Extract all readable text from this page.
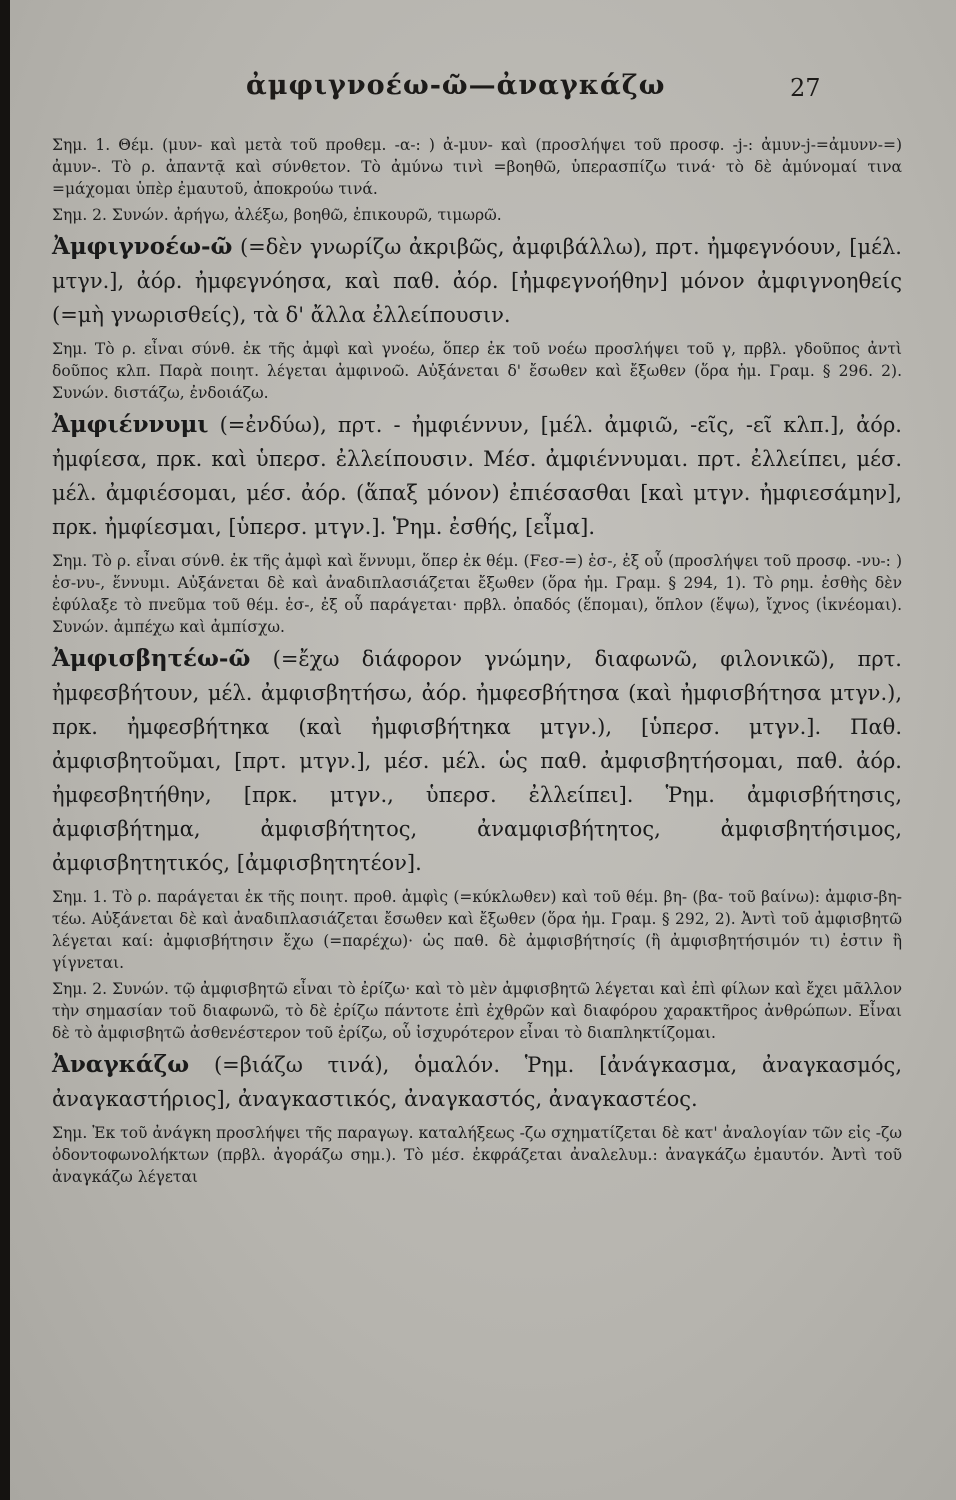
ἀμφιγνοέω-ῶ—ἀναγκάζω	27

Σημ. 1. Θέμ. (μυν- καὶ μετὰ τοῦ προθεμ. -α-: ) ἀ-μυν- καὶ (προσλήψει τοῦ προσφ. -j-: ἀμυν-j-=ἀμυνν-=) ἀμυν-. Τὸ ρ. ἀπαντᾷ καὶ σύνθετον. Τὸ ἀμύνω τινὶ =βοηθῶ, ὑπερασπίζω τινά· τὸ δὲ ἀμύνομαί τινα =μάχομαι ὑπὲρ ἐμαυτοῦ, ἀποκρούω τινά.

Σημ. 2. Συνών. ἀρήγω, ἀλέξω, βοηθῶ, ἐπικουρῶ, τιμωρῶ.

Ἀμφιγνοέω-ῶ (=δὲν γνωρίζω ἀκριβῶς, ἀμφιβάλλω), πρτ. ἠμφεγνόουν, [μέλ. μτγν.], ἀόρ. ἠμφεγνόησα, καὶ παθ. ἀόρ. [ἠμφεγνοήθην] μόνον ἀμφιγνοηθείς (=μὴ γνωρισθείς), τὰ δ' ἄλλα ἐλλείπουσιν.

Σημ. Τὸ ρ. εἶναι σύνθ. ἐκ τῆς ἀμφὶ καὶ γνοέω, ὅπερ ἐκ τοῦ νοέω προσλήψει τοῦ γ, πρβλ. γδοῦπος ἀντὶ δοῦπος κλπ. Παρὰ ποιητ. λέγεται ἀμφινοῶ. Αὐξάνεται δ' ἔσωθεν καὶ ἔξωθεν (ὅρα ἡμ. Γραμ. § 296. 2). Συνών. διστάζω, ἐνδοιάζω.

Ἀμφιέννυμι (=ἐνδύω), πρτ. - ἠμφιέννυν, [μέλ. ἀμφιῶ, -εῖς, -εῖ κλπ.], ἀόρ. ἠμφίεσα, πρκ. καὶ ὑπερσ. ἐλλείπουσιν. Μέσ. ἀμφιέννυμαι. πρτ. ἐλλείπει, μέσ. μέλ. ἀμφιέσομαι, μέσ. ἀόρ. (ἅπαξ μόνον) ἐπιέσασθαι [καὶ μτγν. ἠμφιεσάμην], πρκ. ἠμφίεσμαι, [ὑπερσ. μτγν.]. Ῥημ. ἐσθής, [εἶμα].

Σημ. Τὸ ρ. εἶναι σύνθ. ἐκ τῆς ἀμφὶ καὶ ἕννυμι, ὅπερ ἐκ θέμ. (Fεσ-=) ἑσ-, ἐξ οὗ (προσλήψει τοῦ προσφ. -νυ-: ) ἑσ-νυ-, ἕννυμι. Αὐξάνεται δὲ καὶ ἀναδιπλασιάζεται ἔξωθεν (ὅρα ἡμ. Γραμ. § 294, 1). Τὸ ρημ. ἐσθὴς δὲν ἐφύλαξε τὸ πνεῦμα τοῦ θέμ. ἑσ-, ἐξ οὗ παράγεται· πρβλ. ὀπαδός (ἕπομαι), ὅπλον (ἕψω), ἴχνος (ἱκνέομαι). Συνών. ἀμπέχω καὶ ἀμπίσχω.

Ἀμφισβητέω-ῶ (=ἔχω διάφορον γνώμην, διαφωνῶ, φιλονικῶ), πρτ. ἠμφεσβήτουν, μέλ. ἀμφισβητήσω, ἀόρ. ἠμφεσβήτησα (καὶ ἠμφισβήτησα μτγν.), πρκ. ἠμφεσβήτηκα (καὶ ἠμφισβήτηκα μτγν.), [ὑπερσ. μτγν.]. Παθ. ἀμφισβητοῦμαι, [πρτ. μτγν.], μέσ. μέλ. ὡς παθ. ἀμφισβητήσομαι, παθ. ἀόρ. ἠμφεσβητήθην, [πρκ. μτγν., ὑπερσ. ἐλλείπει]. Ῥημ. ἀμφισβήτησις, ἀμφισβήτημα, ἀμφισβήτητος, ἀναμφισβήτητος, ἀμφισβητήσιμος, ἀμφισβητητικός, [ἀμφισβητητέον].

Σημ. 1. Τὸ ρ. παράγεται ἐκ τῆς ποιητ. προθ. ἀμφὶς (=κύκλωθεν) καὶ τοῦ θέμ. βη- (βα- τοῦ βαίνω): ἀμφισ-βη-τέω. Αὐξάνεται δὲ καὶ ἀναδιπλασιάζεται ἔσωθεν καὶ ἔξωθεν (ὅρα ἡμ. Γραμ. § 292, 2). Ἀντὶ τοῦ ἀμφισβητῶ λέγεται καί: ἀμφισβήτησιν ἔχω (=παρέχω)· ὡς παθ. δὲ ἀμφισβήτησίς (ἢ ἀμφισβητήσιμόν τι) ἐστιν ἢ γίγνεται.

Σημ. 2. Συνών. τῷ ἀμφισβητῶ εἶναι τὸ ἐρίζω· καὶ τὸ μὲν ἀμφισβητῶ λέγεται καὶ ἐπὶ φίλων καὶ ἔχει μᾶλλον τὴν σημασίαν τοῦ διαφωνῶ, τὸ δὲ ἐρίζω πάντοτε ἐπὶ ἐχθρῶν καὶ διαφόρου χαρακτῆρος ἀνθρώπων. Εἶναι δὲ τὸ ἀμφισβητῶ ἀσθενέστερον τοῦ ἐρίζω, οὗ ἰσχυρότερον εἶναι τὸ διαπληκτίζομαι.

Ἀναγκάζω (=βιάζω τινά), ὁμαλόν. Ῥημ. [ἀνάγκασμα, ἀναγκασμός, ἀναγκαστήριος], ἀναγκαστικός, ἀναγκαστός, ἀναγκαστέος.

Σημ. Ἐκ τοῦ ἀνάγκη προσλήψει τῆς παραγωγ. καταλήξεως -ζω σχηματίζεται δὲ κατ' ἀναλογίαν τῶν εἰς -ζω ὀδοντοφωνολήκτων (πρβλ. ἀγοράζω σημ.). Τὸ μέσ. ἐκφράζεται ἀναλελυμ.: ἀναγκάζω ἐμαυτόν. Ἀντὶ τοῦ ἀναγκάζω λέγεται
